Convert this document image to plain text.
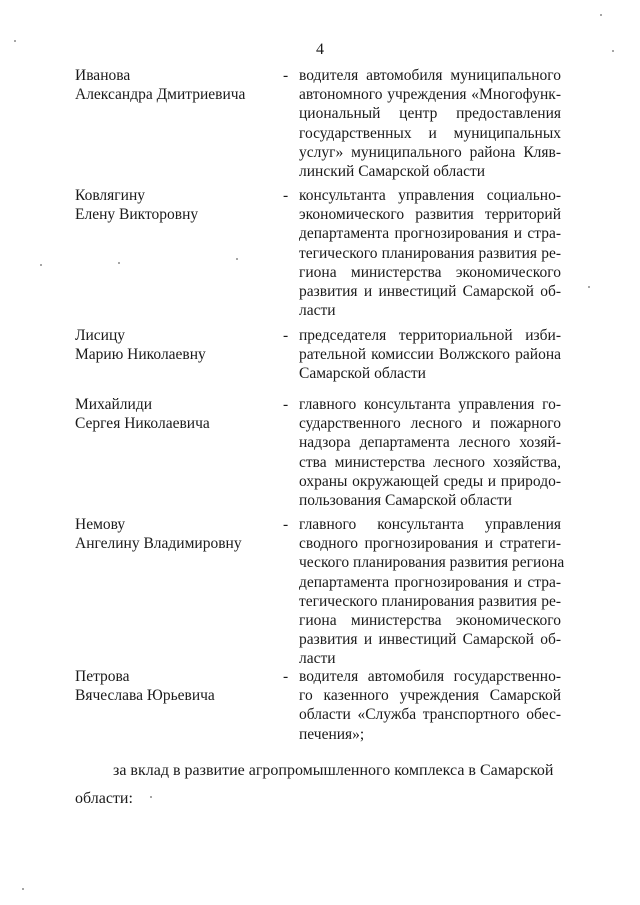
4
Иванова
Александра Дмитриевича
- водителя автомобиля муниципального
автономного учреждения «Многофунк-
циональный центр предоставления
государственных и муниципальных
услуг» муниципального района Кляв-
линский Самарской области
Ковлягину
Елену Викторовну
- консультанта управления социально-
экономического развития территорий
департамента прогнозирования и стра-
тегического планирования развития ре-
гиона министерства экономического
развития и инвестиций Самарской об-
ласти
Лисицу
Марию Николаевну
- председателя территориальной изби-
рательной комиссии Волжского района
Самарской области
Михайлиди
Сергея Николаевича
- главного консультанта управления го-
сударственного лесного и пожарного
надзора департамента лесного хозяй-
ства министерства лесного хозяйства,
охраны окружающей среды и природо-
пользования Самарской области
Немову
Ангелину Владимировну
- главного консультанта управления
сводного прогнозирования и стратеги-
ческого планирования развития региона
департамента прогнозирования и стра-
тегического планирования развития ре-
гиона министерства экономического
развития и инвестиций Самарской об-
ласти
Петрова
Вячеслава Юрьевича
- водителя автомобиля государственно-
го казенного учреждения Самарской
области «Служба транспортного обес-
печения»;
за вклад в развитие агропромышленного комплекса в Самарской
области:
